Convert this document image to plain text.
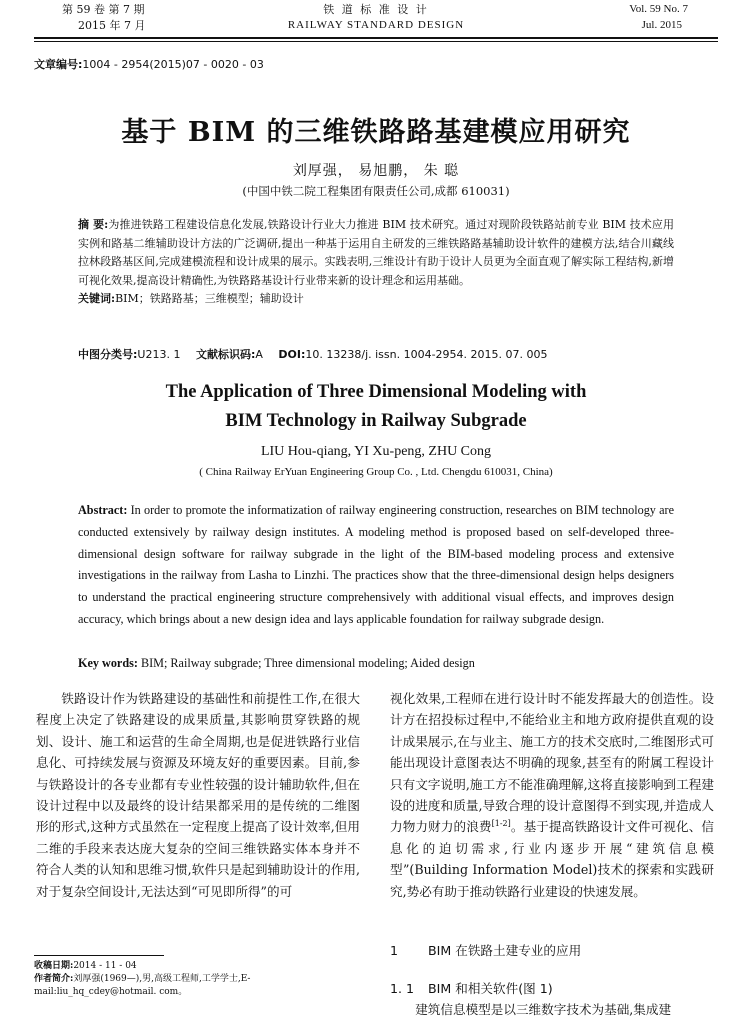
第 59 卷 第 7 期
2015 年 7 月
铁 道 标 准 设 计
RAILWAY STANDARD DESIGN
Vol. 59 No. 7
Jul. 2015
文章编号:1004 - 2954(2015)07 - 0020 - 03
基于 BIM 的三维铁路路基建模应用研究
刘厚强， 易旭鹏， 朱 聪
(中国中铁二院工程集团有限责任公司,成都 610031)
摘 要:为推进铁路工程建设信息化发展,铁路设计行业大力推进 BIM 技术研究。通过对现阶段铁路站前专业 BIM 技术应用实例和路基二维辅助设计方法的广泛调研,提出一种基于运用自主研发的三维铁路路基辅助设计软件的建模方法,结合川藏线拉林段路基区间,完成建模流程和设计成果的展示。实践表明,三维设计有助于设计人员更为全面直观了解实际工程结构,新增可视化效果,提高设计精确性,为铁路路基设计行业带来新的设计理念和运用基础。
关键词:BIM；铁路路基；三维模型；辅助设计
中图分类号:U213. 1 文献标识码:A DOI:10. 13238/j. issn. 1004-2954. 2015. 07. 005
The Application of Three Dimensional Modeling with
BIM Technology in Railway Subgrade
LIU Hou-qiang, YI Xu-peng, ZHU Cong
( China Railway ErYuan Engineering Group Co. , Ltd. Chengdu 610031, China)
Abstract: In order to promote the informatization of railway engineering construction, researches on BIM technology are conducted extensively by railway design institutes. A modeling method is proposed based on self-developed three-dimensional design software for railway subgrade in the light of the BIM-based modeling process and extensive investigations in the railway from Lasha to Linzhi. The practices show that the three-dimensional design helps designers to understand the practical engineering structure comprehensively with additional visual effects, and improves design accuracy, which brings about a new design idea and lays applicable foundation for railway subgrade design.
Key words: BIM; Railway subgrade; Three dimensional modeling; Aided design

铁路设计作为铁路建设的基础性和前提性工作,在很大程度上决定了铁路建设的成果质量,其影响贯穿铁路的规划、设计、施工和运营的生命全周期,也是促进铁路行业信息化、可持续发展与资源及环境友好的重要因素。目前,参与铁路设计的各专业都有专业性较强的设计辅助软件,但在设计过程中以及最终的设计结果都采用的是传统的二维图形的形式,这种方式虽然在一定程度上提高了设计效率,但用二维的手段来表达庞大复杂的空间三维铁路实体本身并不符合人类的认知和思维习惯,软件只是起到辅助设计的作用,对于复杂空间设计,无法达到“可见即所得”的可

视化效果,工程师在进行设计时不能发挥最大的创造性。设计方在招投标过程中,不能给业主和地方政府提供直观的设计成果展示,在与业主、施工方的技术交底时,二维图形式可能出现设计意图表达不明确的现象,甚至有的附属工程设计只有文字说明,施工方不能准确理解,这将直接影响到工程建设的进度和质量,导致合理的设计意图得不到实现,并造成人力物力财力的浪费[1-2]。基于提高铁路设计文件可视化、信息化的迫切需求,行业内逐步开展“建筑信息模型”(Building Information Model)技术的探索和实践研究,势必有助于推动铁路行业建设的快速发展。

1 BIM 在铁路土建专业的应用
1. 1 BIM 和相关软件(图 1)
建筑信息模型是以三维数字技术为基础,集成建
收稿日期:2014 - 11 - 04
作者简介:刘厚强(1969—),男,高级工程师,工学学士,E-mail:liu_hq_cdey@hotmail. com。
